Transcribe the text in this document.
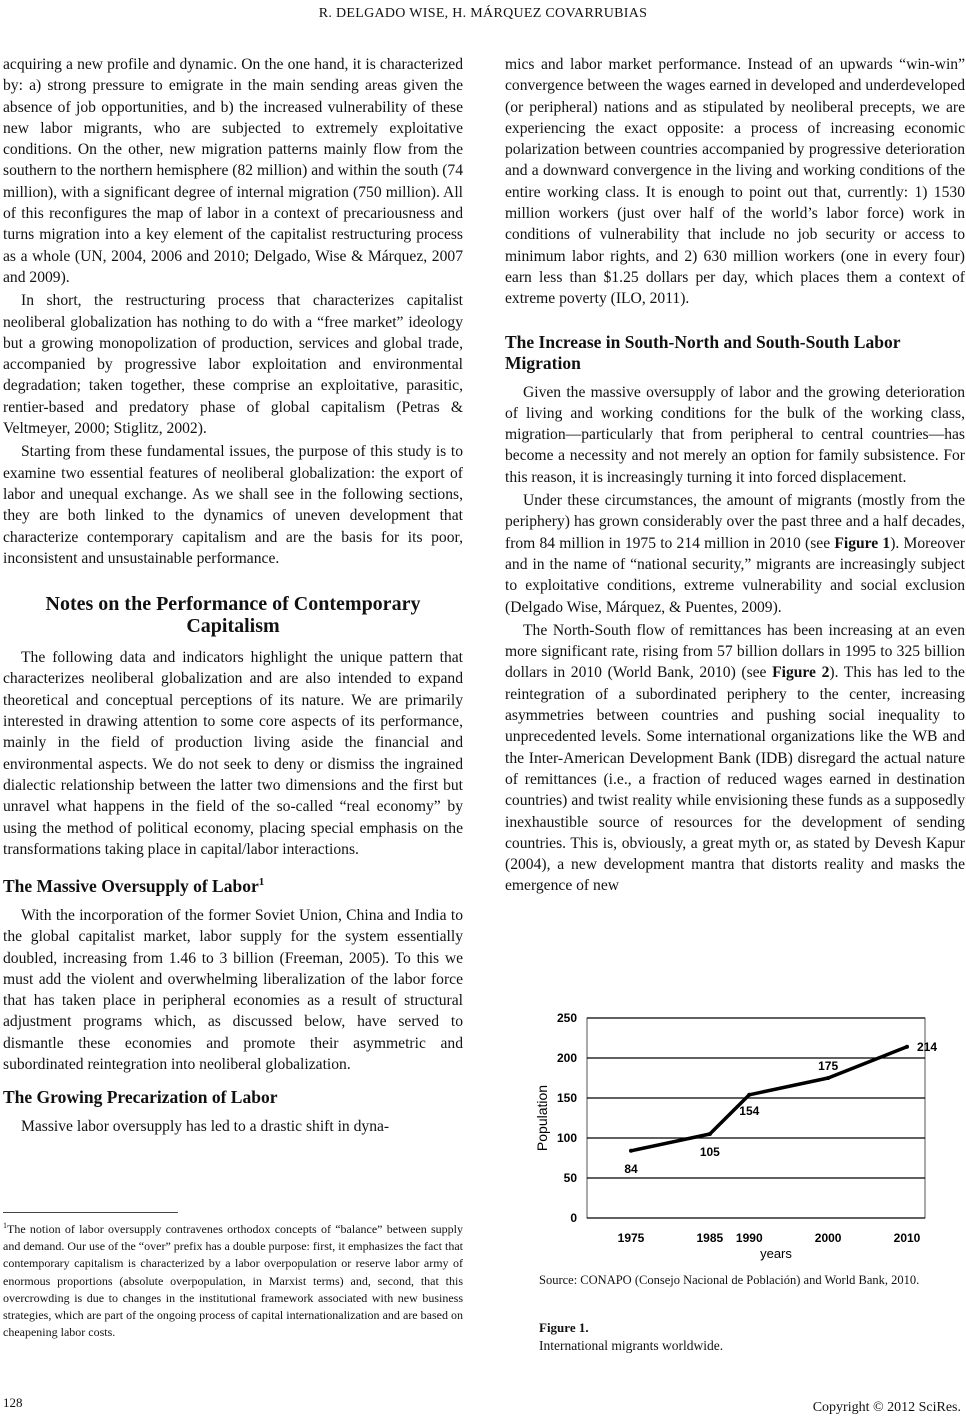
R. DELGADO WISE, H. MÁRQUEZ COVARRUBIAS

acquiring a new profile and dynamic. On the one hand, it is characterized by: a) strong pressure to emigrate in the main sending areas given the absence of job opportunities, and b) the increased vulnerability of these new labor migrants, who are subjected to extremely exploitative conditions. On the other, new migration patterns mainly flow from the southern to the northern hemisphere (82 million) and within the south (74 million), with a significant degree of internal migration (750 million). All of this reconfigures the map of labor in a context of precariousness and turns migration into a key element of the capitalist restructuring process as a whole (UN, 2004, 2006 and 2010; Delgado, Wise & Márquez, 2007 and 2009).

In short, the restructuring process that characterizes capitalist neoliberal globalization has nothing to do with a “free market” ideology but a growing monopolization of production, services and global trade, accompanied by progressive labor exploitation and environmental degradation; taken together, these comprise an exploitative, parasitic, rentier-based and predatory phase of global capitalism (Petras & Veltmeyer, 2000; Stiglitz, 2002).

Starting from these fundamental issues, the purpose of this study is to examine two essential features of neoliberal globalization: the export of labor and unequal exchange. As we shall see in the following sections, they are both linked to the dynamics of uneven development that characterize contemporary capitalism and are the basis for its poor, inconsistent and unsustainable performance.

Notes on the Performance of Contemporary Capitalism

The following data and indicators highlight the unique pattern that characterizes neoliberal globalization and are also intended to expand theoretical and conceptual perceptions of its nature. We are primarily interested in drawing attention to some core aspects of its performance, mainly in the field of production living aside the financial and environmental aspects. We do not seek to deny or dismiss the ingrained dialectic relationship between the latter two dimensions and the first but unravel what happens in the field of the so-called “real economy” by using the method of political economy, placing special emphasis on the transformations taking place in capital/labor interactions.

The Massive Oversupply of Labor$^1$

With the incorporation of the former Soviet Union, China and India to the global capitalist market, labor supply for the system essentially doubled, increasing from 1.46 to 3 billion (Freeman, 2005). To this we must add the violent and overwhelming liberalization of the labor force that has taken place in peripheral economies as a result of structural adjustment programs which, as discussed below, have served to dismantle these economies and promote their asymmetric and subordinated reintegration into neoliberal globalization.

The Growing Precarization of Labor

Massive labor oversupply has led to a drastic shift in dyna-

mics and labor market performance. Instead of an upwards “win-win” convergence between the wages earned in developed and underdeveloped (or peripheral) nations and as stipulated by neoliberal precepts, we are experiencing the exact opposite: a process of increasing economic polarization between countries accompanied by progressive deterioration and a downward convergence in the living and working conditions of the entire working class. It is enough to point out that, currently: 1) 1530 million workers (just over half of the world’s labor force) work in conditions of vulnerability that include no job security or access to minimum labor rights, and 2) 630 million workers (one in every four) earn less than $1.25 dollars per day, which places them a context of extreme poverty (ILO, 2011).

The Increase in South-North and South-South Labor Migration

Given the massive oversupply of labor and the growing deterioration of living and working conditions for the bulk of the working class, migration—particularly that from peripheral to central countries—has become a necessity and not merely an option for family subsistence. For this reason, it is increasingly turning it into forced displacement.

Under these circumstances, the amount of migrants (mostly from the periphery) has grown considerably over the past three and a half decades, from 84 million in 1975 to 214 million in 2010 (see Figure 1). Moreover and in the name of “national security,” migrants are increasingly subject to exploitative conditions, extreme vulnerability and social exclusion (Delgado Wise, Márquez, & Puentes, 2009).

The North-South flow of remittances has been increasing at an even more significant rate, rising from 57 billion dollars in 1995 to 325 billion dollars in 2010 (World Bank, 2010) (see Figure 2). This has led to the reintegration of a subordinated periphery to the center, increasing asymmetries between countries and pushing social inequality to unprecedented levels. Some international organizations like the WB and the Inter-American Development Bank (IDB) disregard the actual nature of remittances (i.e., a fraction of reduced wages earned in destination countries) and twist reality while envisioning these funds as a supposedly inexhaustible source of resources for the development of sending countries. This is, obviously, a great myth or, as stated by Devesh Kapur (2004), a new development mantra that distorts reality and masks the emergence of new

$^1$The notion of labor oversupply contravenes orthodox concepts of “balance” between supply and demand. Our use of the “over” prefix has a double purpose: first, it emphasizes the fact that contemporary capitalism is characterized by a labor overpopulation or reserve labor army of enormous proportions (absolute overpopulation, in Marxist terms) and, second, that this overcrowding is due to changes in the institutional framework associated with new business strategies, which are part of the ongoing process of capital internationalization and are based on cheapening labor costs.
0
50
100
150
200
250
1975	1985 1990	2000	2010
years
Population
84
105
154
175
214
Source: CONAPO (Consejo Nacional de Población) and World Bank, 2010.
Figure 1.
International migrants worldwide.
128	Copyright © 2012 SciRes.
